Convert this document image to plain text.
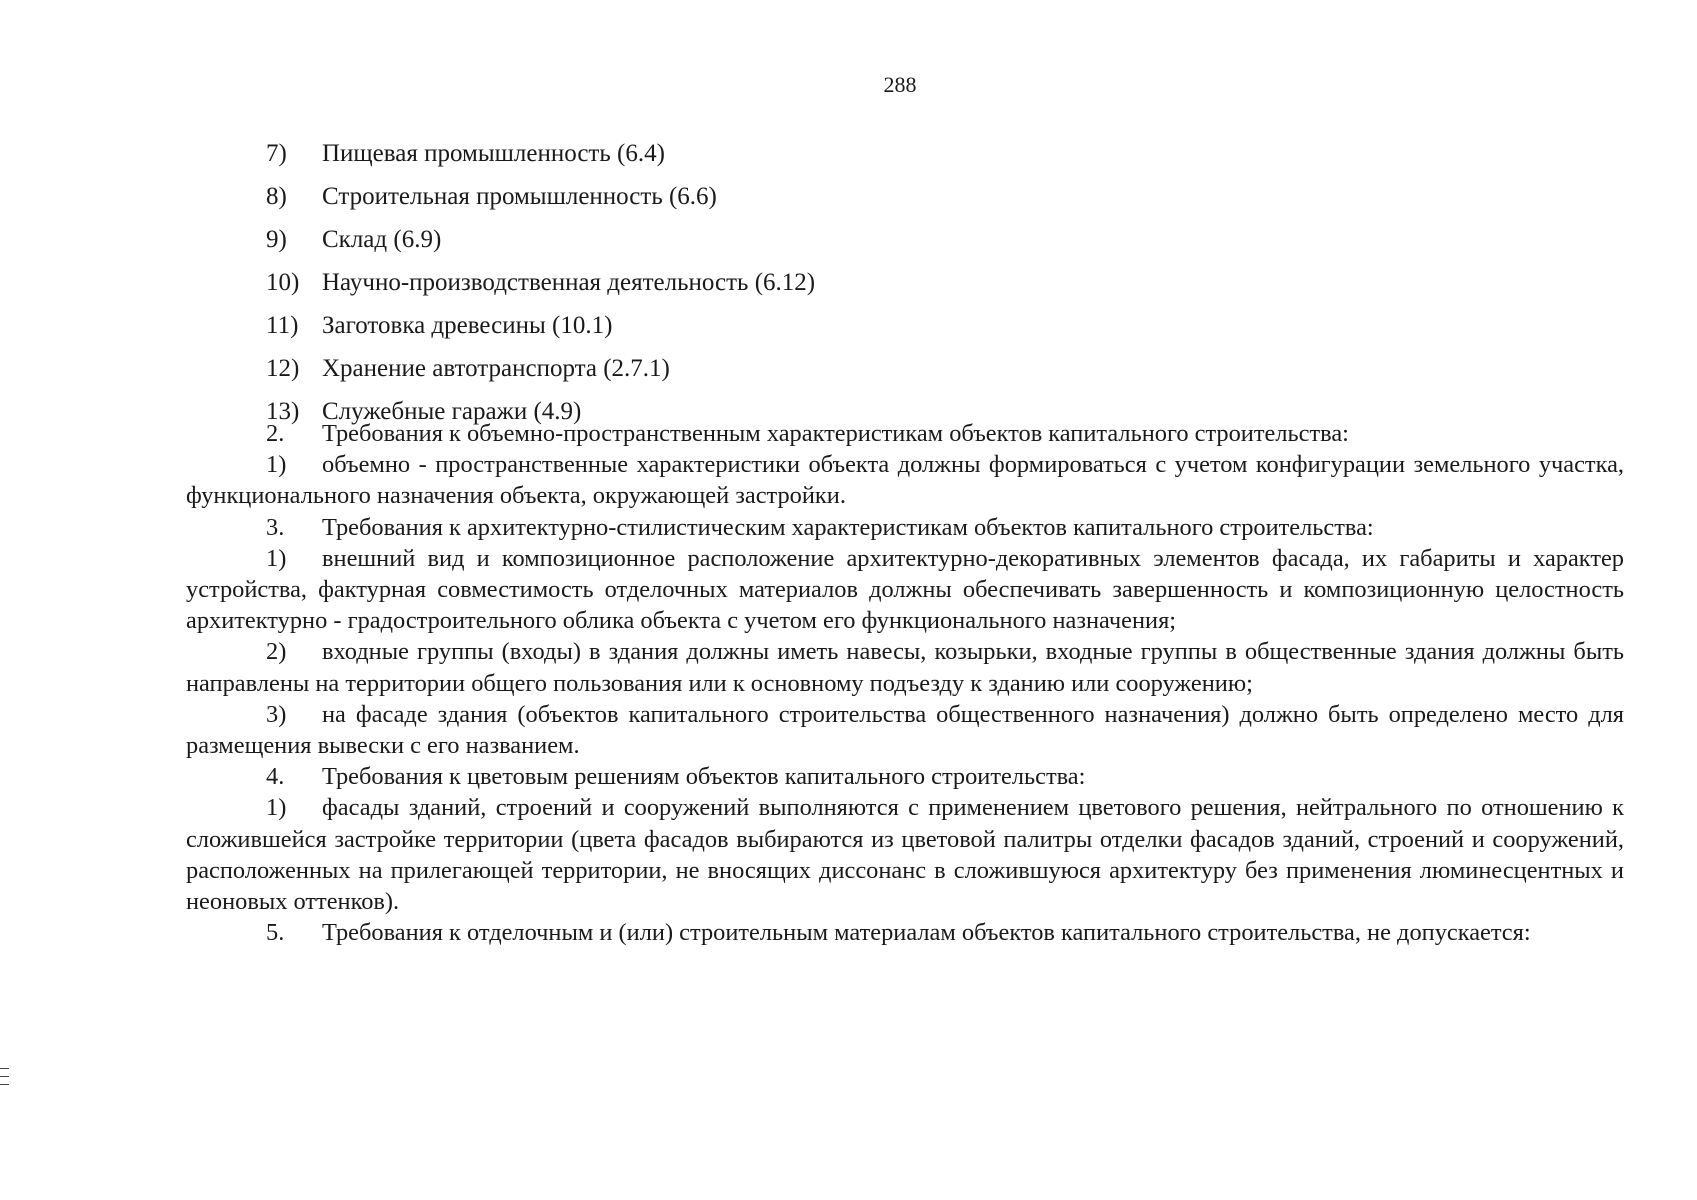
288
7)	Пищевая промышленность (6.4)
8)	Строительная промышленность (6.6)
9)	Склад (6.9)
10) Научно-производственная деятельность (6.12)
11) Заготовка древесины (10.1)
12) Хранение автотранспорта (2.7.1)
13) Служебные гаражи (4.9)

2. Требования к объемно-пространственным характеристикам объектов капитального строительства:

1) объемно - пространственные характеристики объекта должны формироваться с учетом конфигурации земельного участка, функционального назначения объекта, окружающей застройки.

3. Требования к архитектурно-стилистическим характеристикам объектов капитального строительства:

1) внешний вид и композиционное расположение архитектурно-декоративных элементов фасада, их габариты и характер устройства, фактурная совместимость отделочных материалов должны обеспечивать завершенность и композиционную целостность архитектурно - градостроительного облика объекта с учетом его функционального назначения;

2) входные группы (входы) в здания должны иметь навесы, козырьки, входные группы в общественные здания должны быть направлены на территории общего пользования или к основному подъезду к зданию или сооружению;

3) на фасаде здания (объектов капитального строительства общественного назначения) должно быть определено место для размещения вывески с его названием.

4. Требования к цветовым решениям объектов капитального строительства:

1) фасады зданий, строений и сооружений выполняются с применением цветового решения, нейтрального по отношению к сложившейся застройке территории (цвета фасадов выбираются из цветовой палитры отделки фасадов зданий, строений и сооружений, расположенных на прилегающей территории, не вносящих диссонанс в сложившуюся архитектуру без применения люминесцентных и неоновых оттенков).

5. Требования к отделочным и (или) строительным материалам объектов капитального строительства, не допускается:
